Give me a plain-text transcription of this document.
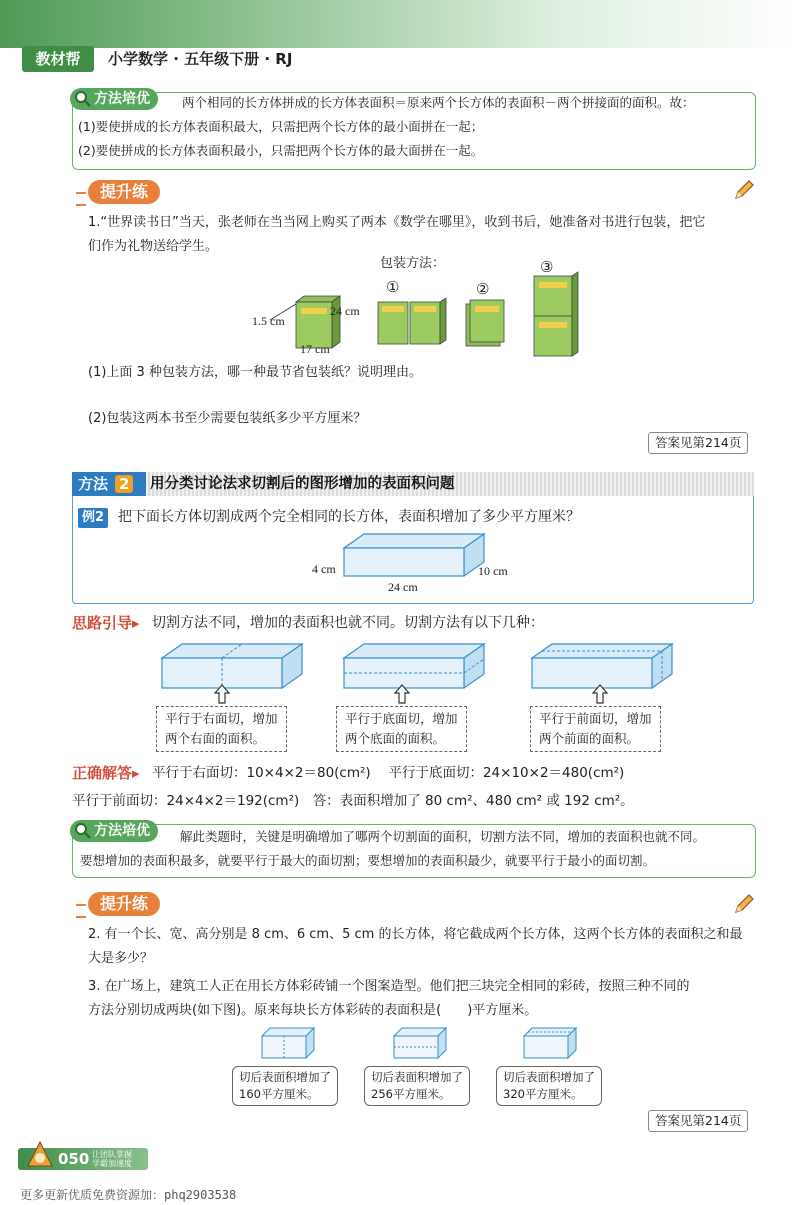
教材帮	小学数学 · 五年级下册 · RJ
方法培优	两个相同的长方体拼成的长方体表面积＝原来两个长方体的表面积－两个拼接面的面积。故：
(1)要使拼成的长方体表面积最大，只需把两个长方体的最小面拼在一起；
(2)要使拼成的长方体表面积最小，只需把两个长方体的最大面拼在一起。
提升练
1.“世界读书日”当天，张老师在当当网上购买了两本《数学在哪里》，收到书后，她准备对书进行包装，把它
们作为礼物送给学生。
包装方法：
1.5 cm
24 cm
17 cm
①	②
③
(1)上面 3 种包装方法，哪一种最节省包装纸？说明理由。
(2)包装这两本书至少需要包装纸多少平方厘米？
答案见第214页
方法 2	用分类讨论法求切割后的图形增加的表面积问题
例2 把下面长方体切割成两个完全相同的长方体，表面积增加了多少平方厘米？
4 cm
24 cm
10 cm
思路引导▸ 切割方法不同，增加的表面积也就不同。切割方法有以下几种：
平行于右面切，增加
两个右面的面积。
平行于底面切，增加
两个底面的面积。
平行于前面切，增加
两个前面的面积。
正确解答▸ 平行于右面切：10×4×2＝80(cm²)　 平行于底面切：24×10×2＝480(cm²)
平行于前面切：24×4×2＝192(cm²)　答：表面积增加了 80 cm²、480 cm² 或 192 cm²。
方法培优	解此类题时，关键是明确增加了哪两个切割面的面积，切割方法不同，增加的表面积也就不同。
要想增加的表面积最多，就要平行于最大的面切割；要想增加的表面积最少，就要平行于最小的面切割。
提升练
2. 有一个长、宽、高分别是 8 cm、6 cm、5 cm 的长方体，将它截成两个长方体，这两个长方体的表面积之和最
大是多少？
3. 在广场上，建筑工人正在用长方体彩砖铺一个图案造型。他们把三块完全相同的彩砖，按照三种不同的
方法分别切成两块(如下图)。原来每块长方体彩砖的表面积是(　　)平方厘米。
切后表面积增加了
160平方厘米。
切后表面积增加了
256平方厘米。
切后表面积增加了
320平方厘米。
答案见第214页
050 让团队掌握
学霸加速度
更多更新优质免费资源加：phq2903538
